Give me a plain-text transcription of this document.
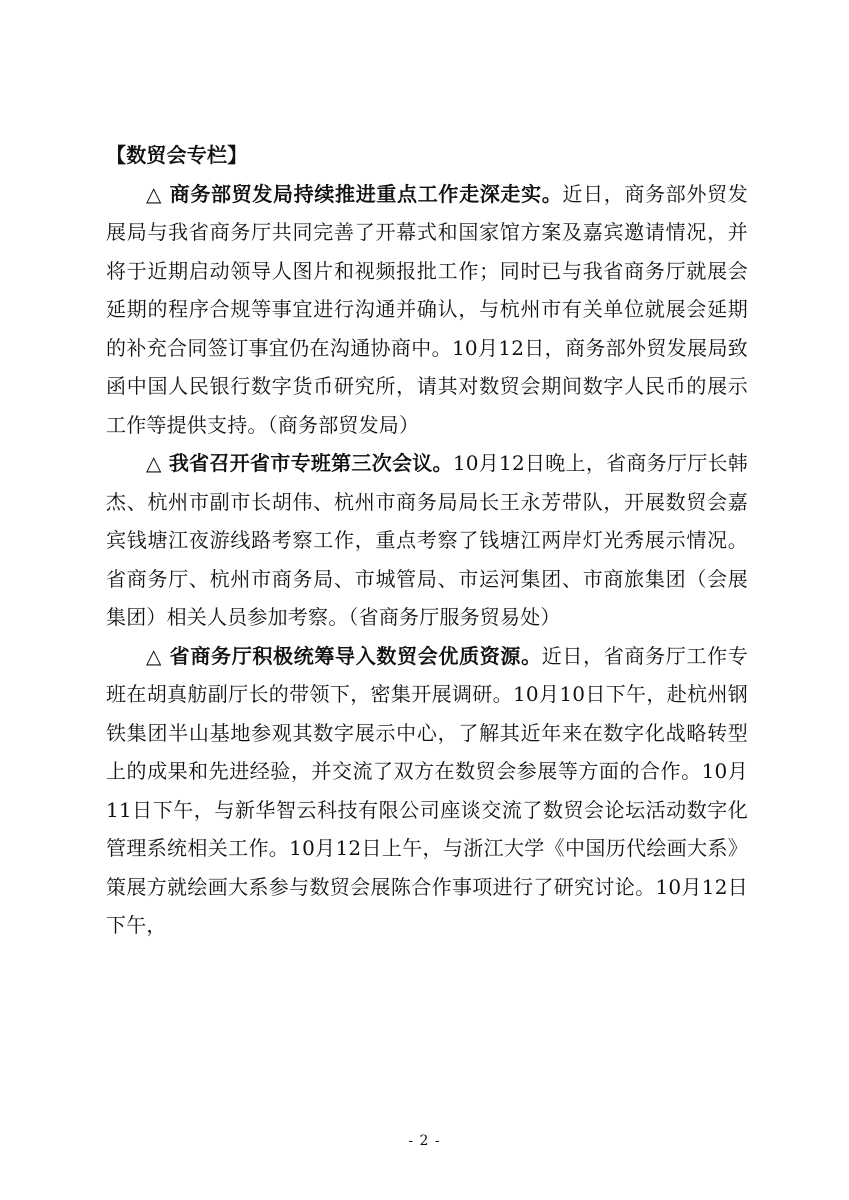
【数贸会专栏】

△ 商务部贸发局持续推进重点工作走深走实。近日，商务部外贸发展局与我省商务厅共同完善了开幕式和国家馆方案及嘉宾邀请情况，并将于近期启动领导人图片和视频报批工作；同时已与我省商务厅就展会延期的程序合规等事宜进行沟通并确认，与杭州市有关单位就展会延期的补充合同签订事宜仍在沟通协商中。10月12日，商务部外贸发展局致函中国人民银行数字货币研究所，请其对数贸会期间数字人民币的展示工作等提供支持。（商务部贸发局）

△ 我省召开省市专班第三次会议。10月12日晚上，省商务厅厅长韩杰、杭州市副市长胡伟、杭州市商务局局长王永芳带队，开展数贸会嘉宾钱塘江夜游线路考察工作，重点考察了钱塘江两岸灯光秀展示情况。省商务厅、杭州市商务局、市城管局、市运河集团、市商旅集团（会展集团）相关人员参加考察。（省商务厅服务贸易处）

△ 省商务厅积极统筹导入数贸会优质资源。近日，省商务厅工作专班在胡真舫副厅长的带领下，密集开展调研。10月10日下午，赴杭州钢铁集团半山基地参观其数字展示中心，了解其近年来在数字化战略转型上的成果和先进经验，并交流了双方在数贸会参展等方面的合作。10月11日下午，与新华智云科技有限公司座谈交流了数贸会论坛活动数字化管理系统相关工作。10月12日上午，与浙江大学《中国历代绘画大系》策展方就绘画大系参与数贸会展陈合作事项进行了研究讨论。10月12日下午，

- 2 -
